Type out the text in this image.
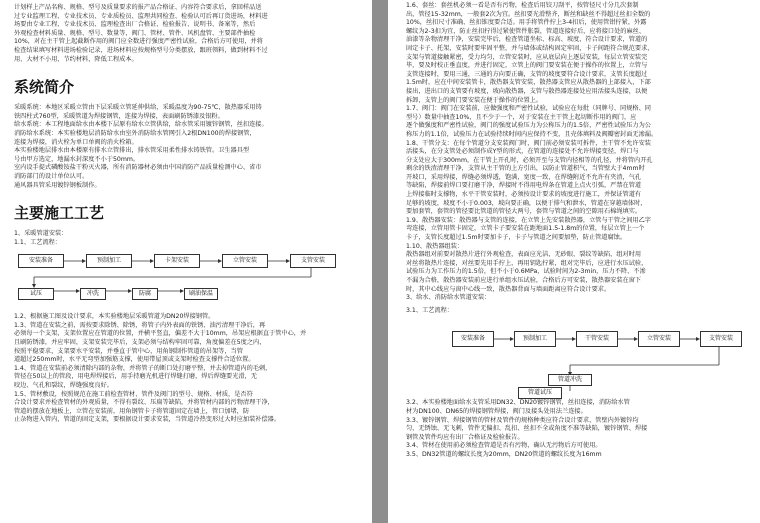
计划样上产品名称、规格、型号及质量要求的报产品合格证、内容符合要求后，拿回样品送
过专业监理工程、专业技术员、专业质检员、监理共同检查、检验认可后再订货进场，材料进
场要由专业工程、专业技术员、监理检查出厂合格证、检验报告、说明书、备案等，然后
外观检查材料质量、规格、型号、数量等，阀门、管材、管件、风机盘管、主要部件抽检
10%，对在主干管上起截断作用的阀门应全数进行强度严密性试验，合格后方可使用，并将
检查结果填写材料进场检验记录，进场材料应按规格型号分类摆放，跟班领料，做到材料不过
用、大材不小用，节约材料，降低工程成本。
系统简介
采暖系统：本地区采暖立管由下层采暖立管延伸供给，采暖温度为90-75℃，散热器采用铸
铁四柱式760型，采暖管道为焊接钢管，连接为焊接，表面刷防锈漆及银粉。
给水系统：本工程地面给水由本楼下层原有给水立管供给，给水管采用镀锌钢管，丝扣连接。
消防给水系统：本实验楼地层消防给水由室外消防给水管网引入2根DN100的焊接钢管，
连接为焊接，消火栓为单口单阀的消火栓箱。
本实验楼地层排水由本楼原有排水立管排出，排水管采用柔性排水铸铁管。卫生器具型
号由甲方选定，地漏水封深度不小于50mm。
室内设手提式磷酸铵盐干粉灭火器，所有消防器材必须由中国消防产品质量检测中心、省市
消防部门的设计单位认可。
通风器具管采用镀锌钢板制作。
主要施工工艺
1、采暖管道安装：
1.1、工艺流程：
安装准备	预制加工	卡架安装	立管安装	支管安装
试压	冲洗	防腐	刷油保温
1.2、根据施工图及设计要求，本实验楼地层采暖管道为DN20焊接钢管。
1.3、管道在安装之前，需按要求除锈、除锈，将管子内外表面的铁锈、油污清理干净后，再
必须每一个支架，支架位置应在管道的位置，并横平竖直，偏差不大于10mm，吊架应根据直于管中心，并
且刷防锈漆，并应牢固，支架安装完毕后，支架必须与结构牢固可靠，角度偏差在5度之内，
按照平稳要求，支架要水平安装，并垂直于管中心，用角钢制作管道的吊架等，当管
道超过250mm时，水平无弯型加强筋支撑，使用带屋顶或支架时检查支撑件合适位置。
1.4、管道在安装前必须清除内部的杂物，并将管子的断口处打磨平整，并去掉管道内的毛刺，
管径在50以上的管段，用电焊焊接后，用手持磨光机进行焊缝打磨，焊后焊缝要光滑，无
咬边、气孔和裂纹，焊缝强度良好。
1.5、管材敷设，按照规范在施工前检查管材、管件及阀门的型号、规格、材质，是否符
合设计要求并检查管材的外观质量，不得有裂纹、压扁等缺陷，并将管材内部的污物清理干净，
管道的摆放在地板上，立管在安装前，用角钢管卡子将管道固定在墙上，管口加堵，防
止杂物进入管内，管道的固定支架，要根据设计要求安装，当管道冷热变形过大时应加装补偿器。
1.6、套丝：套丝机必须一看是否有污物，检查后用铰刀刮平，按管径尺寸分几次套制
出，管径15-32mm，一般套2次为宜。丝扣要光滑整齐，断丝和缺丝不得超过丝扣全数的
10%，丝扣尺寸准确、丝扣锥度要合适。用手将管件拧上3-4扣后，使用管钳拧紧，外露
螺纹为2-3扣为宜，防止丝扣拧得过紧使管件胀裂，管道连接好后，应将接口处的麻丝、
油漆等杂物清理干净，安装完毕后，检查管道坐标、标高、坡度，符合设计要求，管道的
固定卡子、托架，安装时要牢固平整，并与墙体或结构固定牢固，卡子间距符合规范要求，
支架与管道接触紧密，受力均匀，立管安装时，应从底层向上逐层安装，每层立管安装完
毕，要及时校正垂直度，并进行固定，立管上的阀门要安装在便于操作的位置上，立管与
支管连接时，要用三通，三通的方向要正确，支管的坡度要符合设计要求，支管长度超过
1.5m时，应在中间安装管卡，散热器支管安装，散热器支管应从散热器的上部接入，下部
接出，进出口的支管要有坡度，坡向散热器，支管与散热器连接处应用活接头连接，以便
拆卸，支管上的阀门要安装在便于操作的位置上。
1.7、阀门：阀门在安装前，应做强度和严密性试验，试验应在每批（同牌号、同规格、同
型号）数量中抽查10%，且不少于一个，对于安装在主干管上起切断作用的阀门，应
逐个做强度和严密性试验，阀门的强度试验压力为公称压力的1.5倍，严密性试验压力为公
称压力的1.1倍，试验压力在试验持续时间内应保持不变，且壳体填料及阀瓣密封面无渗漏。
1.8、干管分支：在每个管道分支安装阀门时，阀门前必须安装可拆件，主干管不允许安装
活接头，在分支管处必须制作成Y型的形式，在管道的连接处不允许焊接变径，焊口与
分支处应大于300mm，在干管上开孔时，必须开至与支管内径相等的孔径，并将管内开孔
剩余的铁渣清理干净，支管从主干管的上方引出，以防止管道积气，当管壁大于4mm时
开坡口，采用焊接，焊缝必须焊透，饱满，宽度一致，在焊缝附近不允许有夹渣，气孔
等缺陷，焊接前焊口要打磨干净，焊接时不得用电焊条在管道上点火引弧，严禁在管道
上焊接临时支撑物，水平干管安装时，必须按设计要求的坡度进行施工，并保证管道有
足够的坡度，坡度不小于0.003，坡向要正确，以便于排气和泄水，管道在穿越墙体时，
要加套管，套管的管径要比管道的管径大两号，套管与管道之间的空隙用石棉绳填实。
1.9、散热器安装：散热器与支管的连接，在立管上先安装散热器，立管与干管之间用乙字
弯连接，立管用管卡固定，立管卡子要安装在距地面1.5-1.8m的位置，每层立管上一个
卡子，支管长度超过1.5m时要加卡子，卡子与管道之间要加垫，防止管道腐蚀。
1.10、散热器组装：
散热器组对前要对散热片进行外观检查，表面应光洁，无砂眼、裂纹等缺陷，组对时用
对丝将散热片连接，对丝要先用手拧上，再用钥匙拧紧，组对完毕后，应进行水压试验，
试验压力为工作压力的1.5倍，但不小于0.6MPa，试验时间为2-3min，压力不降、不渗
不漏为合格，散热器安装前应进行单组水压试验，合格后方可安装，散热器安装在窗下
时，其中心线应与窗中心线一致，散热器背面与墙面距离应符合设计要求。
3、给水、消防给水管道安装：
3.1、工艺流程：
安装准备	预制加工	干管安装	立管安装	支管安装
管道冲洗
管道试压
3.2、本实验楼地面给水支管采用DN32、DN20镀锌钢管，丝扣连接，消防给水管
材为DN100、DN65的焊接钢管焊接，阀门及接头处用法兰连接。
3.3、镀锌钢管、焊接钢管的管材及管件的规格种类应符合设计要求，管壁内外镀锌均
匀，无锈蚀、无飞刺，管件无偏扣、乱扣、丝扣不全或角度不准等缺陷，镀锌钢管、焊接
钢管及管件均应有出厂合格证及检验报告。
3.4、管材在使用前必须检查管道是否有污物，确认无污物后方可使用。
3.5、DN32管道的螺纹长度为20mm，DN20管道的螺纹长度为16mm
